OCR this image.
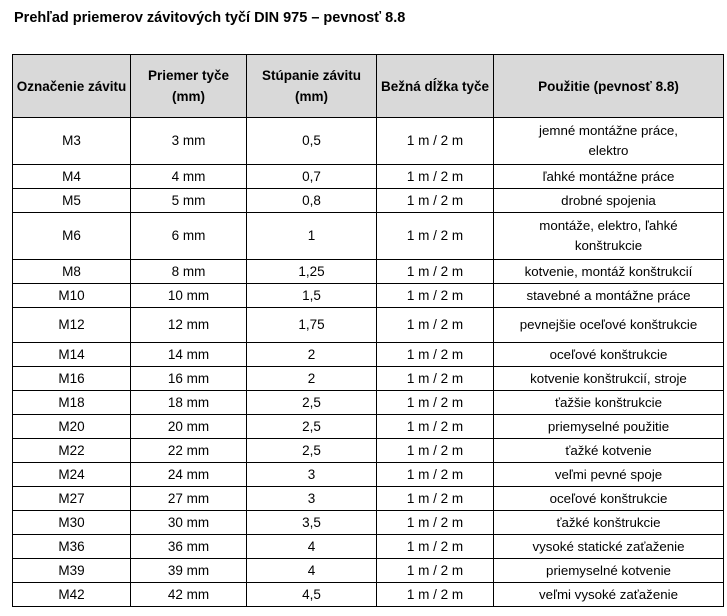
Prehľad priemerov závitových tyčí DIN 975 – pevnosť 8.8
Označenie závitu	Priemer tyče (mm)	Stúpanie závitu (mm)	Bežná dĺžka tyče	Použitie (pevnosť 8.8)
M3	3 mm	0,5	1 m / 2 m	jemné montážne práce, elektro
M4	4 mm	0,7	1 m / 2 m	ľahké montážne práce
M5	5 mm	0,8	1 m / 2 m	drobné spojenia
M6	6 mm	1	1 m / 2 m	montáže, elektro, ľahké konštrukcie
M8	8 mm	1,25	1 m / 2 m	kotvenie, montáž konštrukcií
M10	10 mm	1,5	1 m / 2 m	stavebné a montážne práce
M12	12 mm	1,75	1 m / 2 m	pevnejšie oceľové konštrukcie
M14	14 mm	2	1 m / 2 m	oceľové konštrukcie
M16	16 mm	2	1 m / 2 m	kotvenie konštrukcií, stroje
M18	18 mm	2,5	1 m / 2 m	ťažšie konštrukcie
M20	20 mm	2,5	1 m / 2 m	priemyselné použitie
M22	22 mm	2,5	1 m / 2 m	ťažké kotvenie
M24	24 mm	3	1 m / 2 m	veľmi pevné spoje
M27	27 mm	3	1 m / 2 m	oceľové konštrukcie
M30	30 mm	3,5	1 m / 2 m	ťažké konštrukcie
M36	36 mm	4	1 m / 2 m	vysoké statické zaťaženie
M39	39 mm	4	1 m / 2 m	priemyselné kotvenie
M42	42 mm	4,5	1 m / 2 m	veľmi vysoké zaťaženie
